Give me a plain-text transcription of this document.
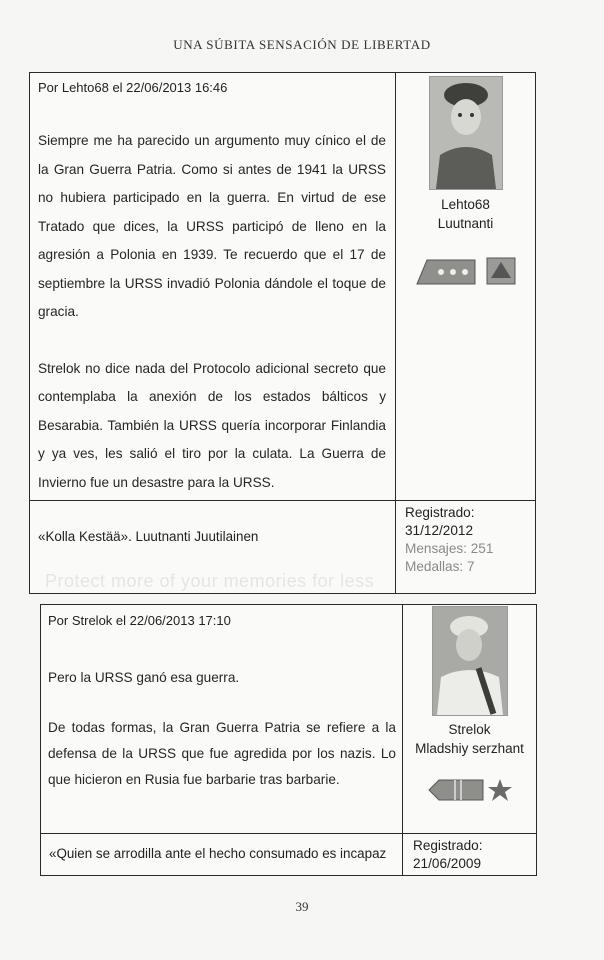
UNA SÚBITA SENSACIÓN DE LIBERTAD
Por Lehto68 el 22/06/2013 16:46

Siempre me ha parecido un argumento muy cínico el de la Gran Guerra Patria. Como si antes de 1941 la URSS no hubiera participado en la guerra. En virtud de ese Tratado que dices, la URSS participó de lleno en la agresión a Polonia en 1939. Te recuerdo que el 17 de septiembre la URSS invadió Polonia dándole el toque de gracia.

Strelok no dice nada del Protocolo adicional secreto que contemplaba la anexión de los estados bálticos y Besarabia. También la URSS quería incorporar Finlandia y ya ves, les salió el tiro por la culata. La Guerra de Invierno fue un desastre para la URSS.

Lehto68
Luutnanti
«Kolla Kestää». Luutnanti Juutilainen
Registrado:
31/12/2012
Mensajes: 251
Medallas: 7
Protect more of your memories for less
Por Strelok el 22/06/2013 17:10

Pero la URSS ganó esa guerra.

De todas formas, la Gran Guerra Patria se refiere a la defensa de la URSS que fue agredida por los nazis. Lo que hicieron en Rusia fue barbarie tras barbarie.

Strelok
Mladshiy serzhant
«Quien se arrodilla ante el hecho consumado es incapaz
Registrado:
21/06/2009
39
